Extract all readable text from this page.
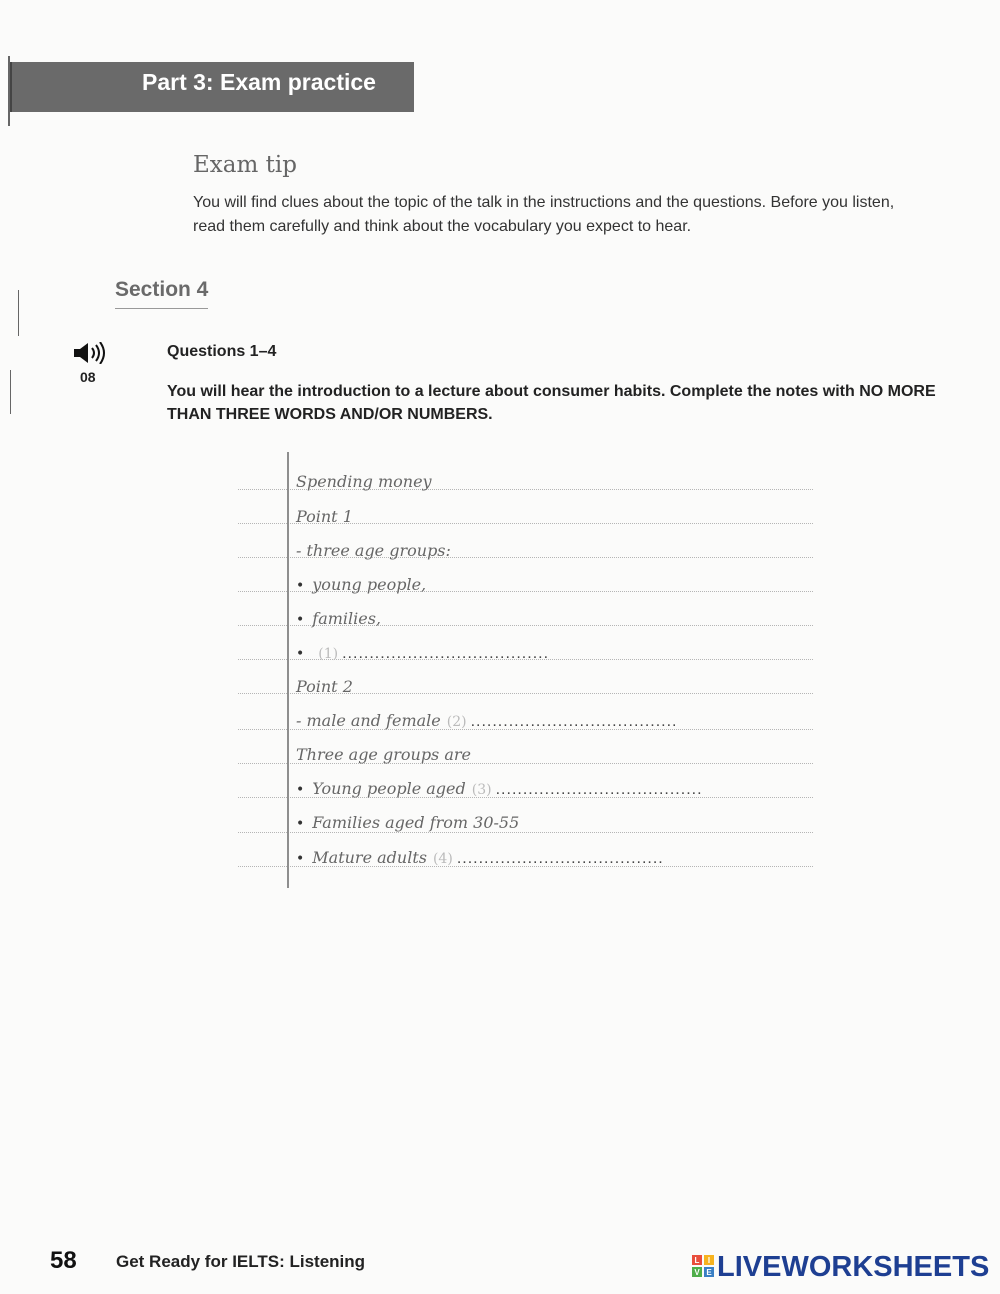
Part 3: Exam practice
Exam tip
You will find clues about the topic of the talk in the instructions and the questions. Before you listen, read them carefully and think about the vocabulary you expect to hear.
Section 4
08
Questions 1–4
You will hear the introduction to a lecture about consumer habits. Complete the notes with NO MORE THAN THREE WORDS AND/OR NUMBERS.
Spending money
Point 1
- three age groups:
• young people,
• families,
• (1) ......................................
Point 2
- male and female (2) ......................................
Three age groups are
• Young people aged (3) ......................................
• Families aged from 30-55
• Mature adults (4) ......................................
58 Get Ready for IELTS: Listening	L I
V E LIVEWORKSHEETS
